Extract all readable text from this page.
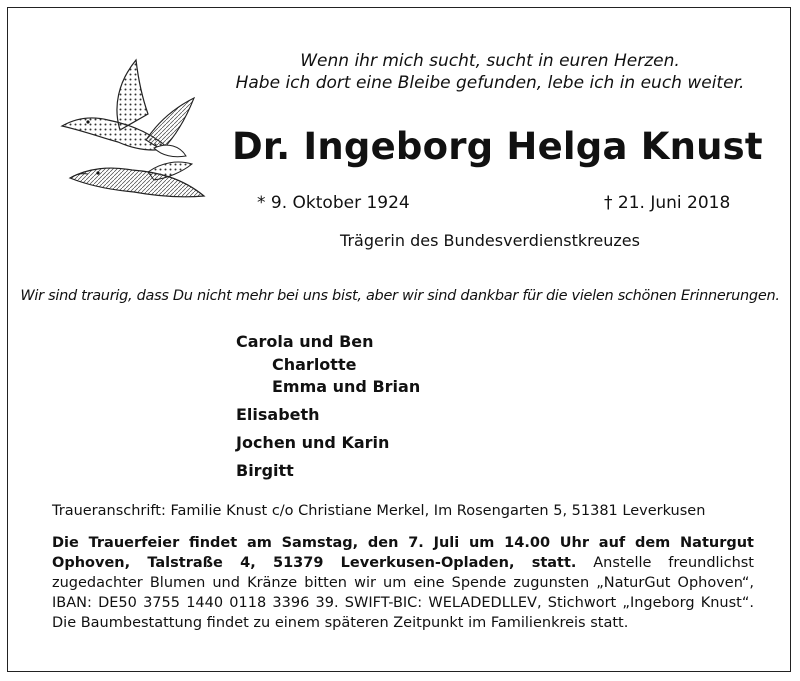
Wenn ihr mich sucht, sucht in euren Herzen.
Habe ich dort eine Bleibe gefunden, lebe ich in euch weiter.
Dr. Ingeborg Helga Knust
* 9. Oktober 1924	† 21. Juni 2018
Trägerin des Bundesverdienstkreuzes
Wir sind traurig, dass Du nicht mehr bei uns bist, aber wir sind dankbar für die vielen schönen Erinnerungen.
Carola und Ben
Charlotte
Emma und Brian
Elisabeth
Jochen und Karin
Birgitt
Traueranschrift: Familie Knust c/o Christiane Merkel, Im Rosengarten 5, 51381 Leverkusen
Die Trauerfeier findet am Samstag, den 7. Juli um 14.00 Uhr auf dem Naturgut Ophoven, Talstraße 4, 51379 Leverkusen-Opladen, statt. Anstelle freundlichst zugedachter Blumen und Kränze bitten wir um eine Spende zugunsten „NaturGut Ophoven“, IBAN: DE50 3755 1440 0118 3396 39. SWIFT-BIC: WELADEDLLEV, Stichwort „Ingeborg Knust“. Die Baumbestattung findet zu einem späteren Zeitpunkt im Familienkreis statt.
